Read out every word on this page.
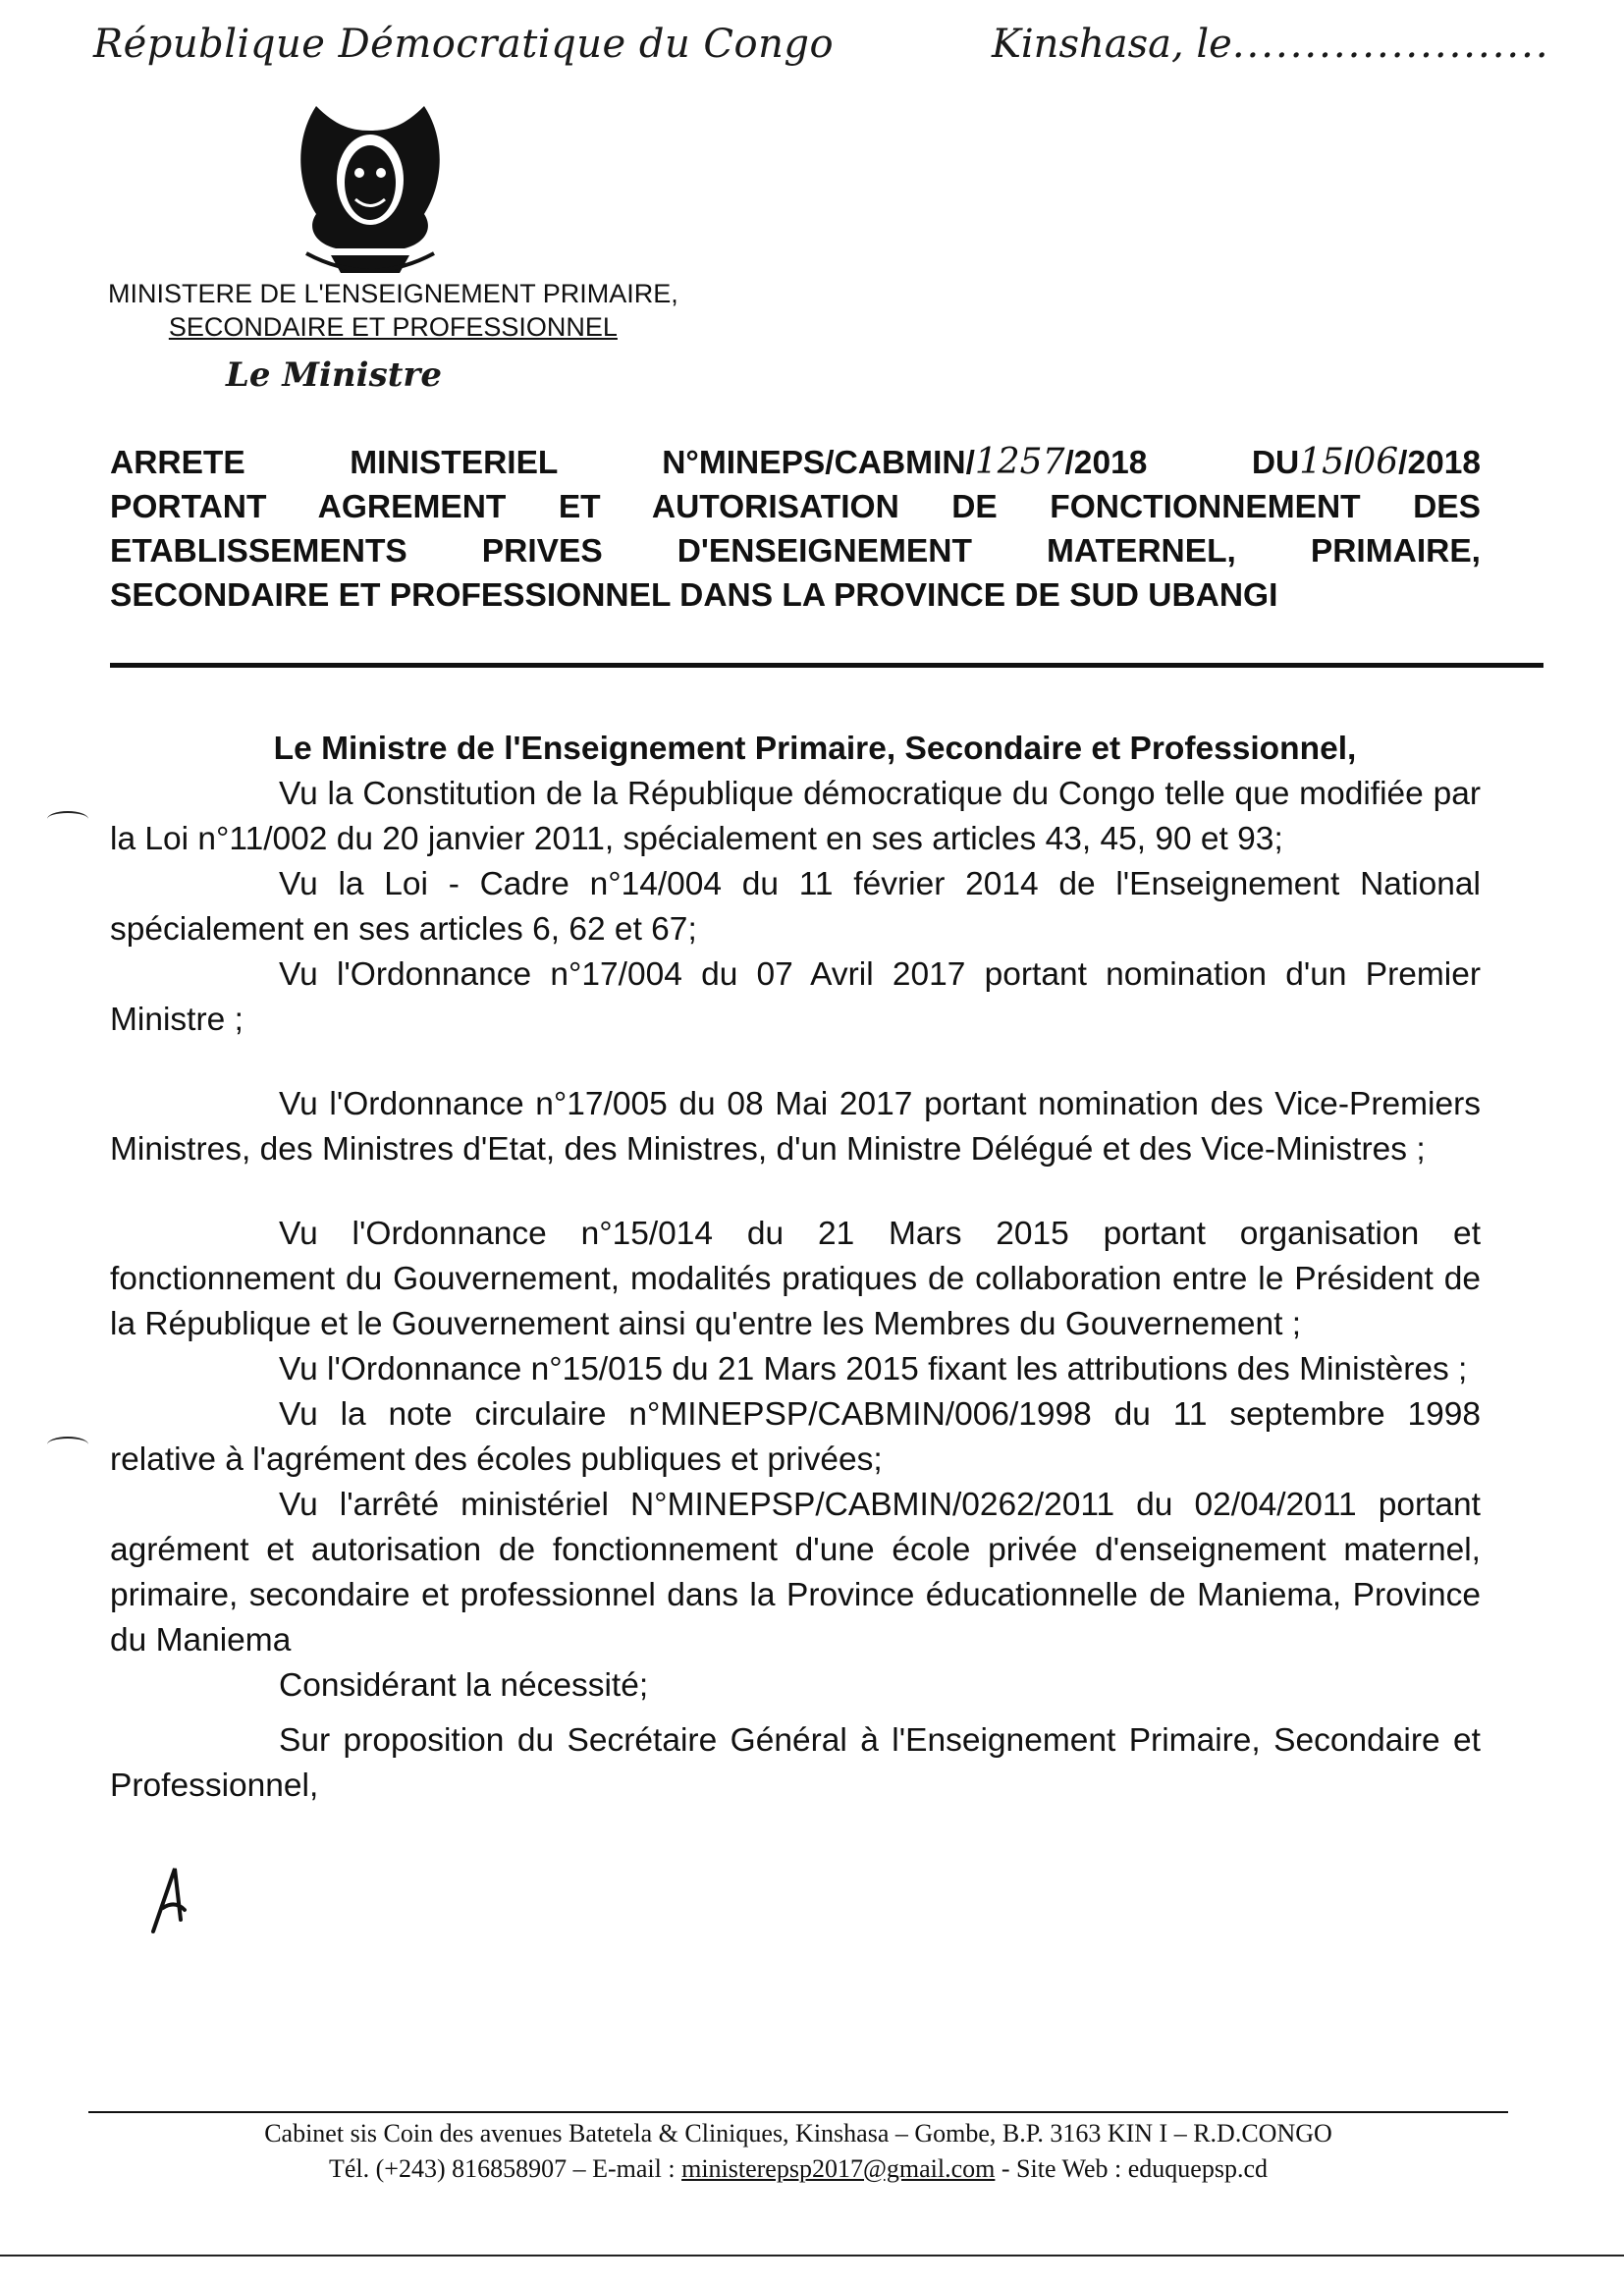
République Démocratique du Congo	Kinshasa, le......................
MINISTERE DE L'ENSEIGNEMENT PRIMAIRE,
SECONDAIRE ET PROFESSIONNEL
Le Ministre
ARRETE MINISTERIEL N°MINEPS/CABMIN/1257/2018	DU15/06/2018
PORTANT AGREMENT ET AUTORISATION DE FONCTIONNEMENT DES
ETABLISSEMENTS PRIVES D'ENSEIGNEMENT MATERNEL, PRIMAIRE,
SECONDAIRE ET PROFESSIONNEL DANS LA PROVINCE DE SUD UBANGI
Le Ministre de l'Enseignement Primaire, Secondaire et Professionnel,

Vu la Constitution de la République démocratique du Congo telle que modifiée par la Loi n°11/002 du 20 janvier 2011, spécialement en ses articles 43, 45, 90 et 93;

Vu la Loi - Cadre n°14/004 du 11 février 2014 de l'Enseignement National spécialement en ses articles 6, 62 et 67;

Vu l'Ordonnance n°17/004 du 07 Avril 2017 portant nomination d'un Premier Ministre ;

Vu l'Ordonnance n°17/005 du 08 Mai 2017 portant nomination des Vice-Premiers Ministres, des Ministres d'Etat, des Ministres, d'un Ministre Délégué et des Vice-Ministres ;

Vu l'Ordonnance n°15/014 du 21 Mars 2015 portant organisation et fonctionnement du Gouvernement, modalités pratiques de collaboration entre le Président de la République et le Gouvernement ainsi qu'entre les Membres du Gouvernement ;

Vu l'Ordonnance n°15/015 du 21 Mars 2015 fixant les attributions des Ministères ;

Vu la note circulaire n°MINEPSP/CABMIN/006/1998 du 11 septembre 1998 relative à l'agrément des écoles publiques et privées;

Vu l'arrêté ministériel N°MINEPSP/CABMIN/0262/2011 du 02/04/2011 portant agrément et autorisation de fonctionnement d'une école privée d'enseignement maternel, primaire, secondaire et professionnel dans la Province éducationnelle de Maniema, Province du Maniema

Considérant la nécessité;

Sur proposition du Secrétaire Général à l'Enseignement Primaire, Secondaire et Professionnel,

Cabinet sis Coin des avenues Batetela & Cliniques, Kinshasa – Gombe, B.P. 3163 KIN I – R.D.CONGO
Tél. (+243) 816858907 – E-mail : ministerepsp2017@gmail.com - Site Web : eduquepsp.cd
